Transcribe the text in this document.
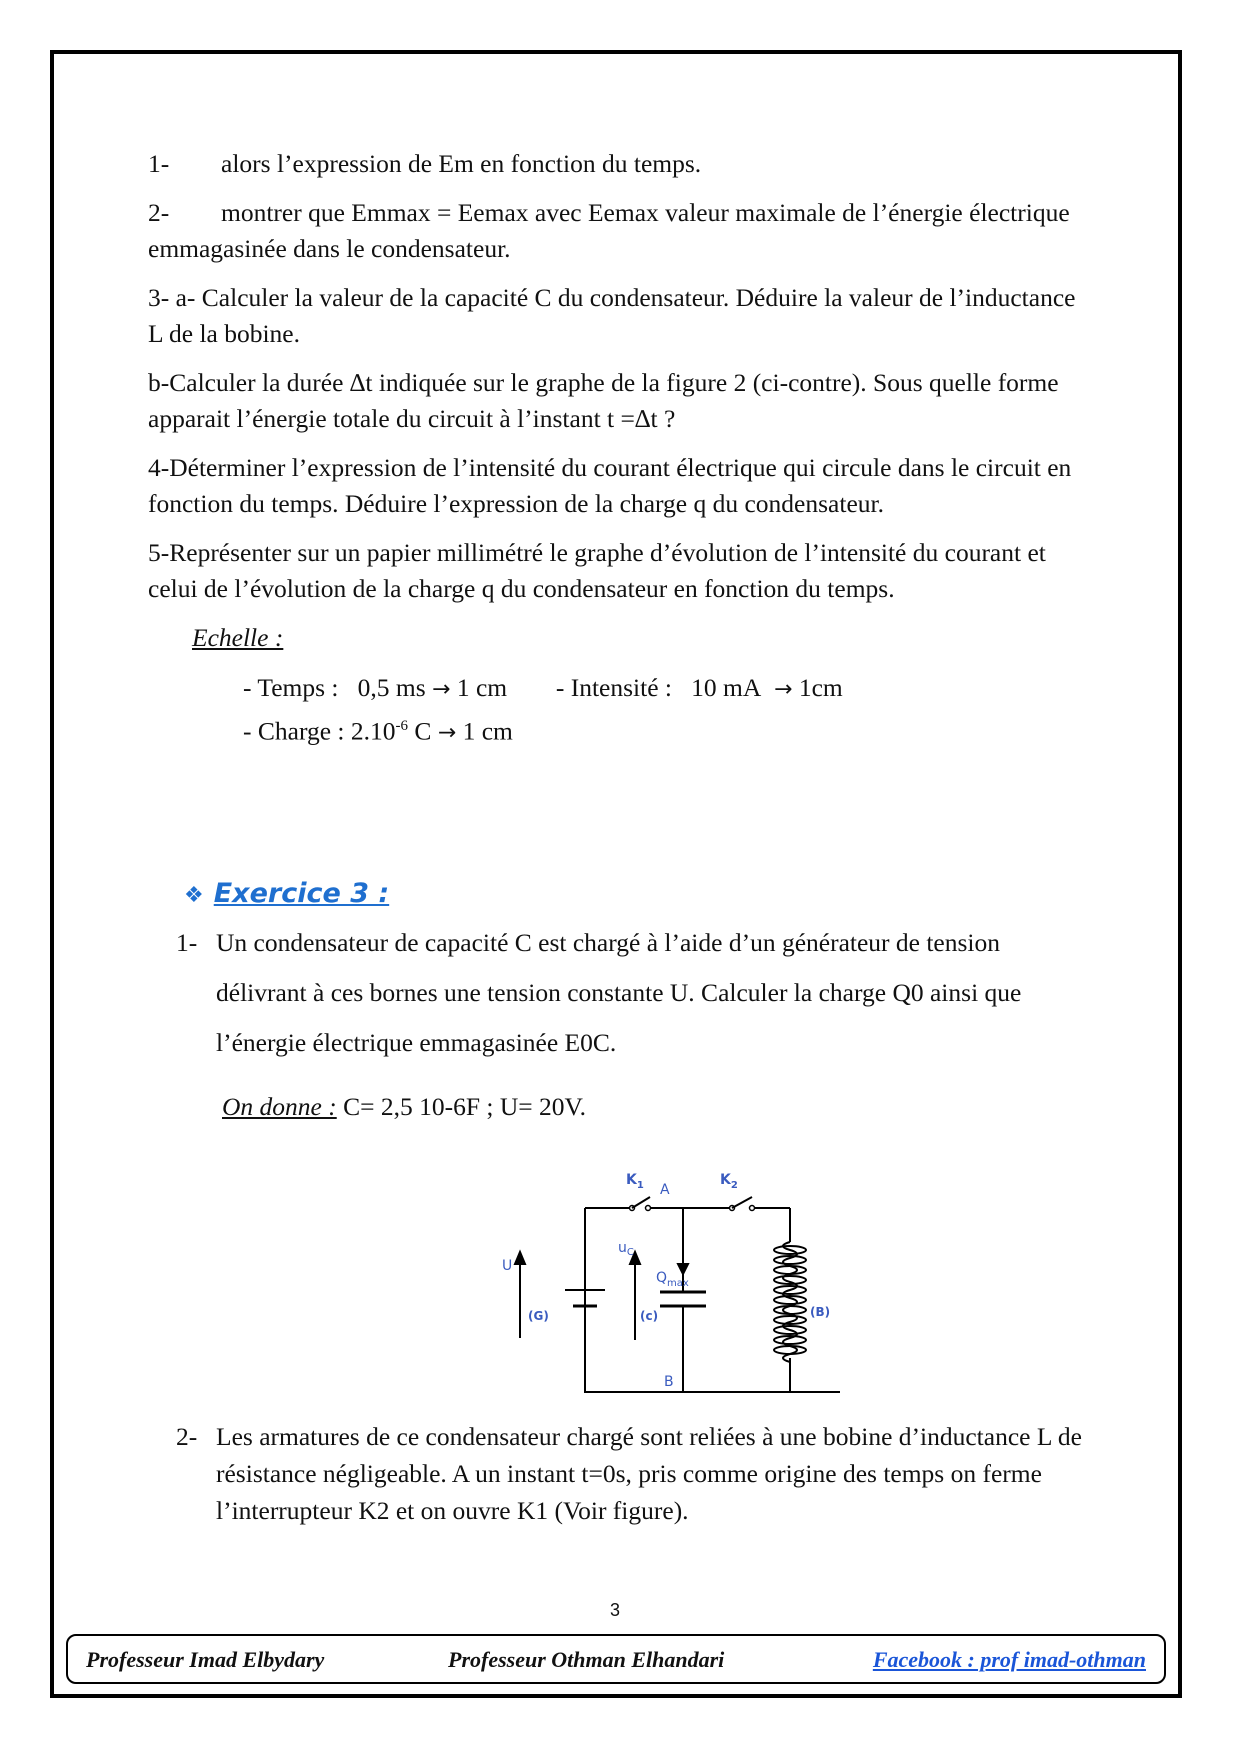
1- alors l’expression de Em en fonction du temps.

2- montrer que Emmax = Eemax avec Eemax valeur maximale de l’énergie électrique emmagasinée dans le condensateur.

3- a- Calculer la valeur de la capacité C du condensateur. Déduire la valeur de l’inductance L de la bobine.

b-Calculer la durée ∆t indiquée sur le graphe de la figure 2 (ci-contre). Sous quelle forme apparait l’énergie totale du circuit à l’instant t =∆t ?

4-Déterminer l’expression de l’intensité du courant électrique qui circule dans le circuit en fonction du temps. Déduire l’expression de la charge q du condensateur.

5-Représenter sur un papier millimétré le graphe d’évolution de l’intensité du courant et celui de l’évolution de la charge q du condensateur en fonction du temps.

Echelle :
- Temps : 0,5 ms → 1 cm - Intensité : 10 mA → 1cm
- Charge : $2.10^{-6}$ C → 1 cm
❖ Exercice 3 :
1- Un condensateur de capacité C est chargé à l’aide d’un générateur de tension délivrant à ces bornes une tension constante U. Calculer la charge Q0 ainsi que l’énergie électrique emmagasinée E0C.
On donne : C= 2,5 10-6F ; U= 20V.
$K_1$ A
$K_2$
U
$u_C$
$Q_{max}$
(G)	(c)	(B)
B
2- Les armatures de ce condensateur chargé sont reliées à une bobine d’inductance L de résistance négligeable. A un instant t=0s, pris comme origine des temps on ferme l’interrupteur K2 et on ouvre K1 (Voir figure).
3
Professeur Imad Elbydary	Professeur Othman Elhandari	Facebook : prof imad-othman
